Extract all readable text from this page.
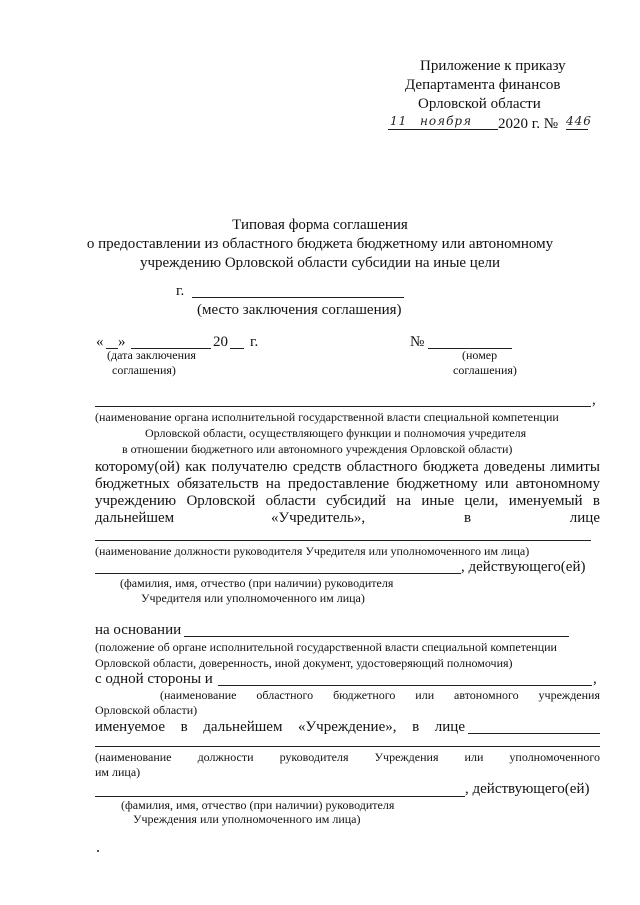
Приложение к приказу
Департамента финансов
Орловской области
11 ноября 2020 г. № 446
Типовая форма соглашения
о предоставлении из областного бюджета бюджетному или автономному
учреждению Орловской области субсидии на иные цели
г.
(место заключения соглашения)
« »	20 г.
(дата заключения
соглашения)
№
(номер
соглашения)
,
(наименование органа исполнительной государственной власти специальной компетенции
Орловской области, осуществляющего функции и полномочия учредителя
в отношении бюджетного или автономного учреждения Орловской области)
которому(ой) как получателю средств областного бюджета доведены лимиты
бюджетных обязательств на предоставление бюджетному или автономному
учреждению Орловской области субсидий на иные цели, именуемый в
дальнейшем	«Учредитель»,	в	лице
(наименование должности руководителя Учредителя или уполномоченного им лица)
, действующего(ей)
(фамилия, имя, отчество (при наличии) руководителя
Учредителя или уполномоченного им лица)
на основании
(положение об органе исполнительной государственной власти специальной компетенции
Орловской области, доверенность, иной документ, удостоверяющий полномочия)
с одной стороны и	,
(наименование областного бюджетного или автономного учреждения
Орловской области)
именуемое в дальнейшем «Учреждение», в лице
(наименование должности руководителя Учреждения или уполномоченного
им лица)
, действующего(ей)
(фамилия, имя, отчество (при наличии) руководителя
Учреждения или уполномоченного им лица)
